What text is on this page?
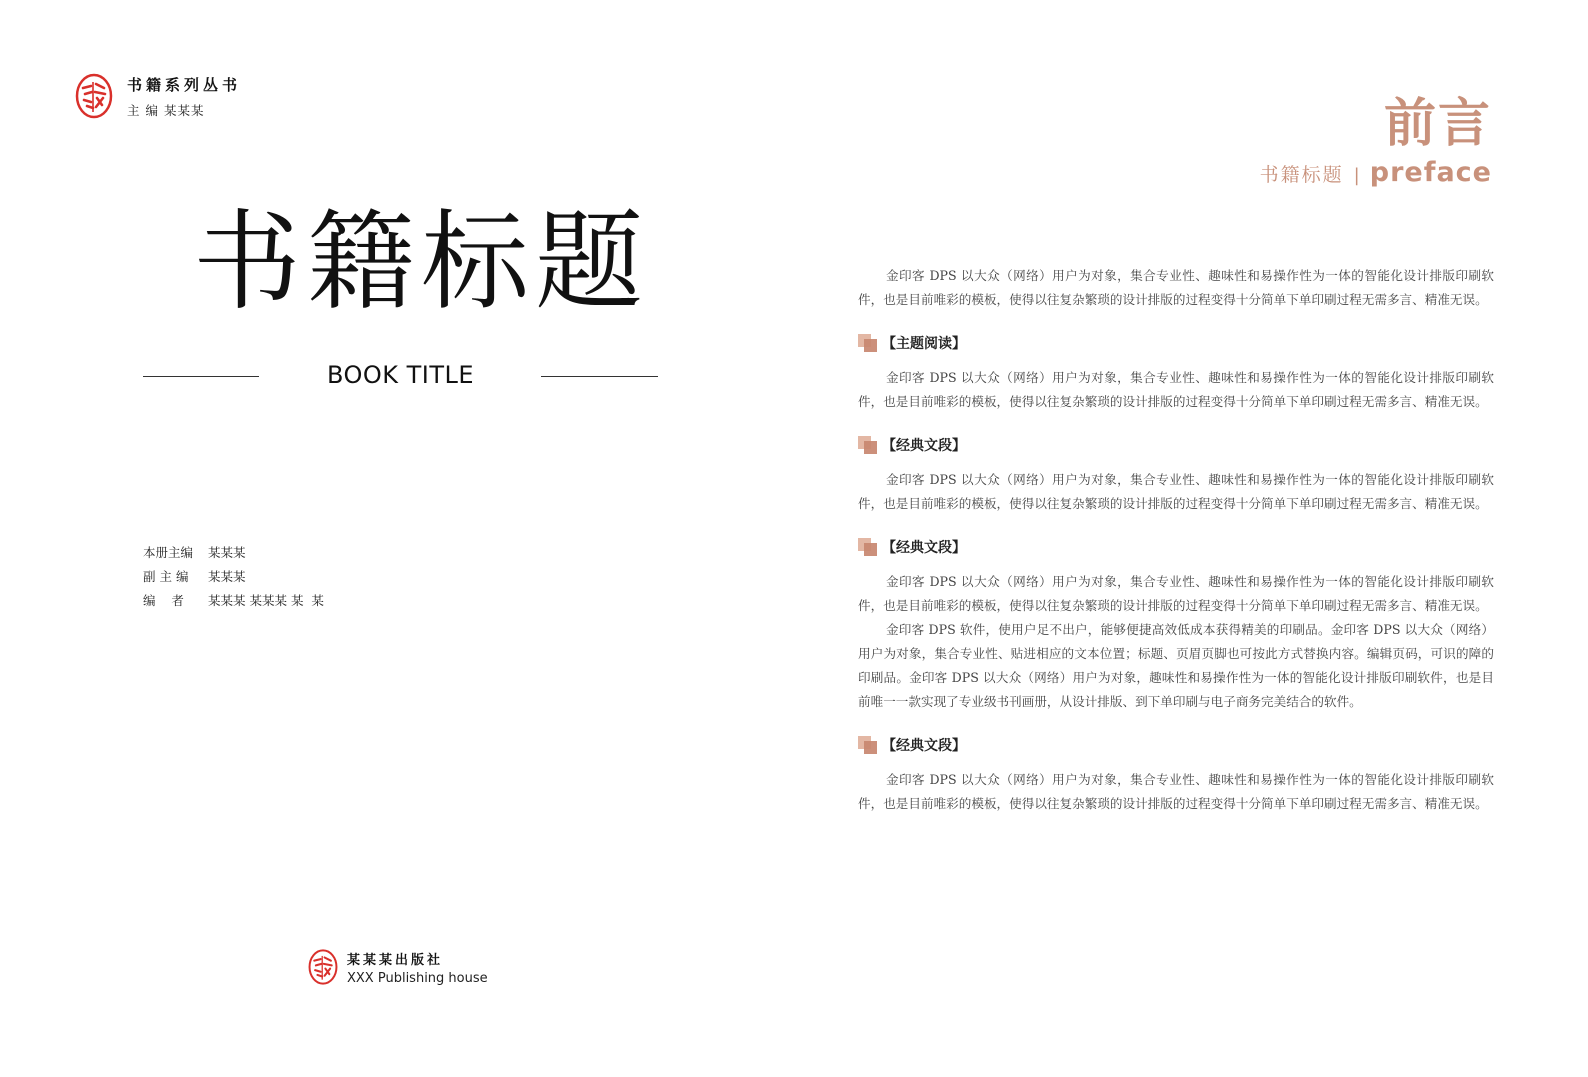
书籍系列丛书
主 编 某某某
书籍标题
BOOK TITLE
本册主编	某某某
副 主 编	某某某
编    者	某某某 某某某 某  某
某某某出版社
XXX Publishing house
前言
书籍标题 | preface

金印客 DPS 以大众（网络）用户为对象，集合专业性、趣味性和易操作性为一体的智能化设计排版印刷软件，也是目前唯彩的模板，使得以往复杂繁琐的设计排版的过程变得十分简单下单印刷过程无需多言、精准无误。

【主题阅读】

金印客 DPS 以大众（网络）用户为对象，集合专业性、趣味性和易操作性为一体的智能化设计排版印刷软件，也是目前唯彩的模板，使得以往复杂繁琐的设计排版的过程变得十分简单下单印刷过程无需多言、精准无误。

【经典文段】

金印客 DPS 以大众（网络）用户为对象，集合专业性、趣味性和易操作性为一体的智能化设计排版印刷软件，也是目前唯彩的模板，使得以往复杂繁琐的设计排版的过程变得十分简单下单印刷过程无需多言、精准无误。

【经典文段】

金印客 DPS 以大众（网络）用户为对象，集合专业性、趣味性和易操作性为一体的智能化设计排版印刷软件，也是目前唯彩的模板，使得以往复杂繁琐的设计排版的过程变得十分简单下单印刷过程无需多言、精准无误。

金印客 DPS 软件，使用户足不出户，能够便捷高效低成本获得精美的印刷品。金印客 DPS 以大众（网络）用户为对象，集合专业性、贴进相应的文本位置；标题、页眉页脚也可按此方式替换内容。编辑页码，可识的障的印刷品。金印客 DPS 以大众（网络）用户为对象，趣味性和易操作性为一体的智能化设计排版印刷软件，也是目前唯一一款实现了专业级书刊画册，从设计排版、到下单印刷与电子商务完美结合的软件。

【经典文段】

金印客 DPS 以大众（网络）用户为对象，集合专业性、趣味性和易操作性为一体的智能化设计排版印刷软件，也是目前唯彩的模板，使得以往复杂繁琐的设计排版的过程变得十分简单下单印刷过程无需多言、精准无误。
